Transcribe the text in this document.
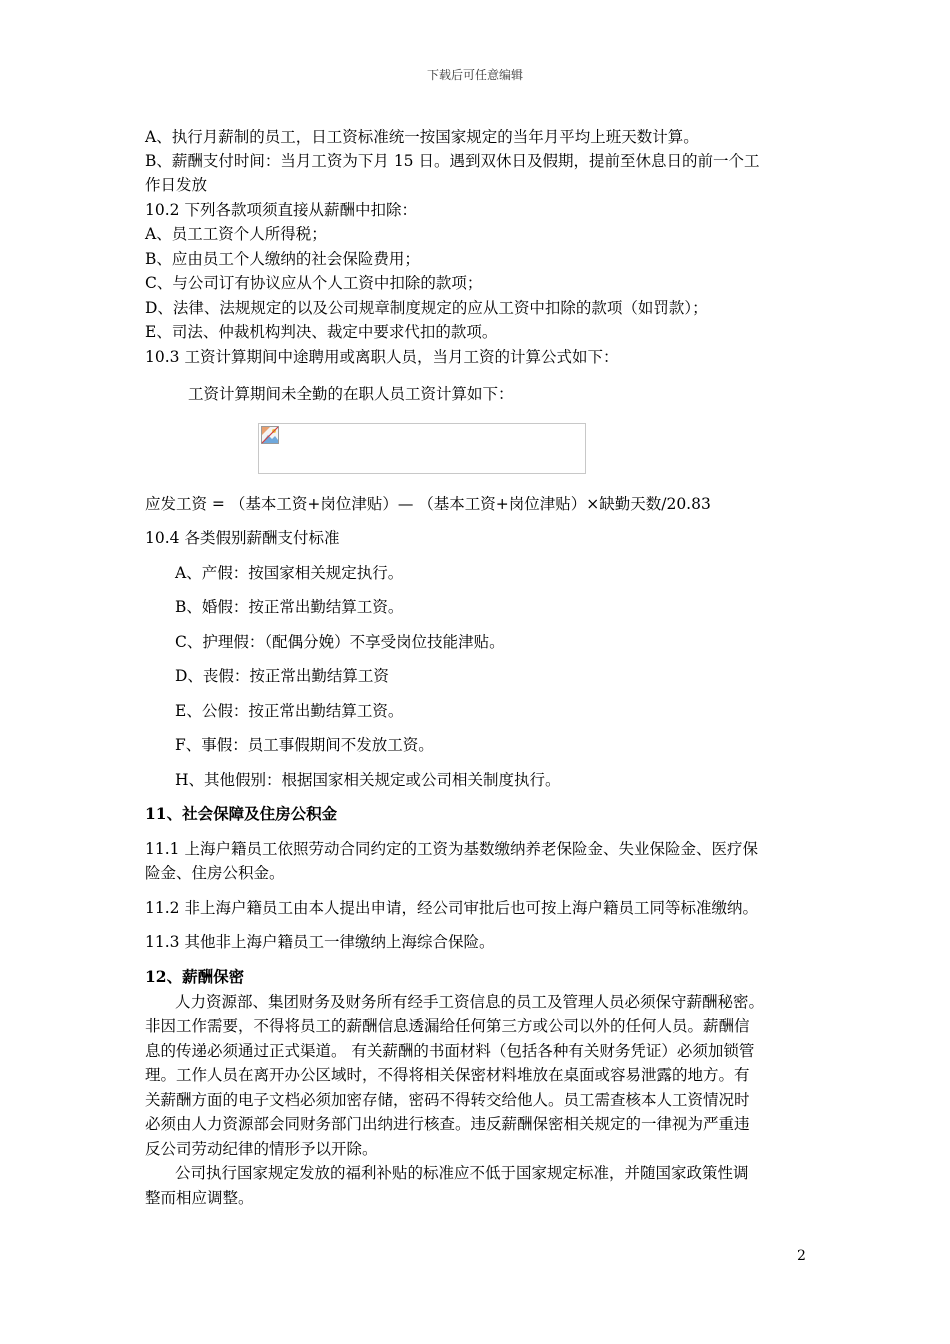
下载后可任意编辑
A、执行月薪制的员工，日工资标准统一按国家规定的当年月平均上班天数计算。
B、薪酬支付时间：当月工资为下月 15 日。遇到双休日及假期，提前至休息日的前一个工
作日发放
10.2 下列各款项须直接从薪酬中扣除：
A、员工工资个人所得税；
B、应由员工个人缴纳的社会保险费用；
C、与公司订有协议应从个人工资中扣除的款项；
D、法律、法规规定的以及公司规章制度规定的应从工资中扣除的款项（如罚款）；
E、司法、仲裁机构判决、裁定中要求代扣的款项。
10.3 工资计算期间中途聘用或离职人员，当月工资的计算公式如下：
工资计算期间未全勤的在职人员工资计算如下：
应发工资 = （基本工资+岗位津贴）— （基本工资+岗位津贴）×缺勤天数/20.83
10.4 各类假别薪酬支付标准
A、产假：按国家相关规定执行。
B、婚假：按正常出勤结算工资。
C、护理假：（配偶分娩）不享受岗位技能津贴。
D、丧假：按正常出勤结算工资
E、公假：按正常出勤结算工资。
F、事假：员工事假期间不发放工资。
H、其他假别：根据国家相关规定或公司相关制度执行。
11、社会保障及住房公积金
11.1 上海户籍员工依照劳动合同约定的工资为基数缴纳养老保险金、失业保险金、医疗保
险金、住房公积金。
11.2 非上海户籍员工由本人提出申请，经公司审批后也可按上海户籍员工同等标准缴纳。
11.3 其他非上海户籍员工一律缴纳上海综合保险。
12、薪酬保密
人力资源部、集团财务及财务所有经手工资信息的员工及管理人员必须保守薪酬秘密。
非因工作需要，不得将员工的薪酬信息透漏给任何第三方或公司以外的任何人员。薪酬信
息的传递必须通过正式渠道。 有关薪酬的书面材料（包括各种有关财务凭证）必须加锁管
理。工作人员在离开办公区域时，不得将相关保密材料堆放在桌面或容易泄露的地方。有
关薪酬方面的电子文档必须加密存储，密码不得转交给他人。员工需查核本人工资情况时
必须由人力资源部会同财务部门出纳进行核查。违反薪酬保密相关规定的一律视为严重违
反公司劳动纪律的情形予以开除。
公司执行国家规定发放的福利补贴的标准应不低于国家规定标准，并随国家政策性调
整而相应调整。
2
